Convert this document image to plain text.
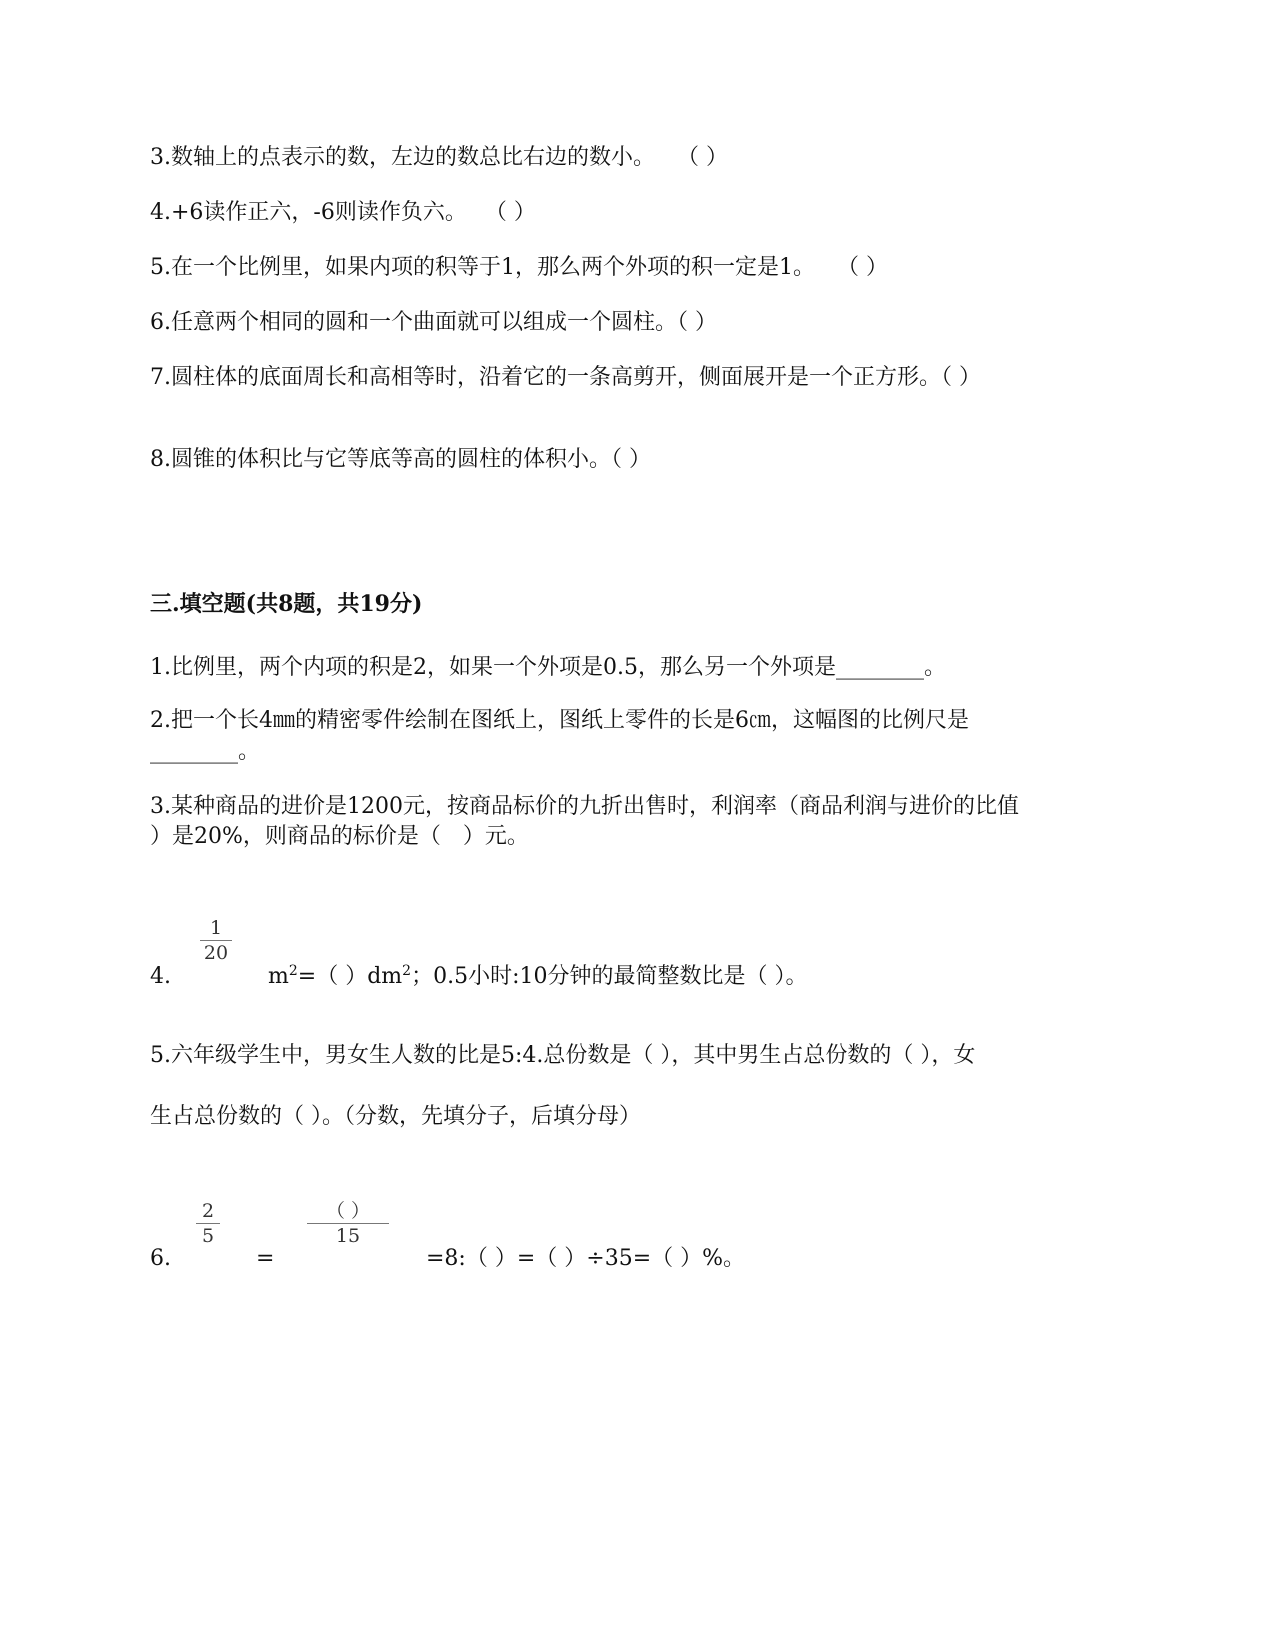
3.数轴上的点表示的数，左边的数总比右边的数小。　　（ ）
4.+6读作正六，-6则读作负六。　 （ ）
5.在一个比例里，如果内项的积等于1，那么两个外项的积一定是1。　　（ ）
6.任意两个相同的圆和一个曲面就可以组成一个圆柱。（ ）
7.圆柱体的底面周长和高相等时，沿着它的一条高剪开，侧面展开是一个正方形。（ ）
8.圆锥的体积比与它等底等高的圆柱的体积小。（ ）
三.填空题(共8题，共19分)
1.比例里，两个内项的积是2，如果一个外项是0.5，那么另一个外项是________。
2.把一个长4㎜的精密零件绘制在图纸上，图纸上零件的长是6㎝，这幅图的比例尺是
________。
3.某种商品的进价是1200元，按商品标价的九折出售时，利润率（商品利润与进价的比值
）是20%，则商品的标价是（　）元。
4.
1
20
$m^2=$（ ）$dm^2$；0.5小时:10分钟的最简整数比是（ ）。
5.六年级学生中，男女生人数的比是5:4.总份数是（ ），其中男生占总份数的（ ），女
生占总份数的（ ）。（分数，先填分子，后填分母）
6.
2
5
=
（ ）
15
=8:（ ）=（ ）÷35=（ ）%。
